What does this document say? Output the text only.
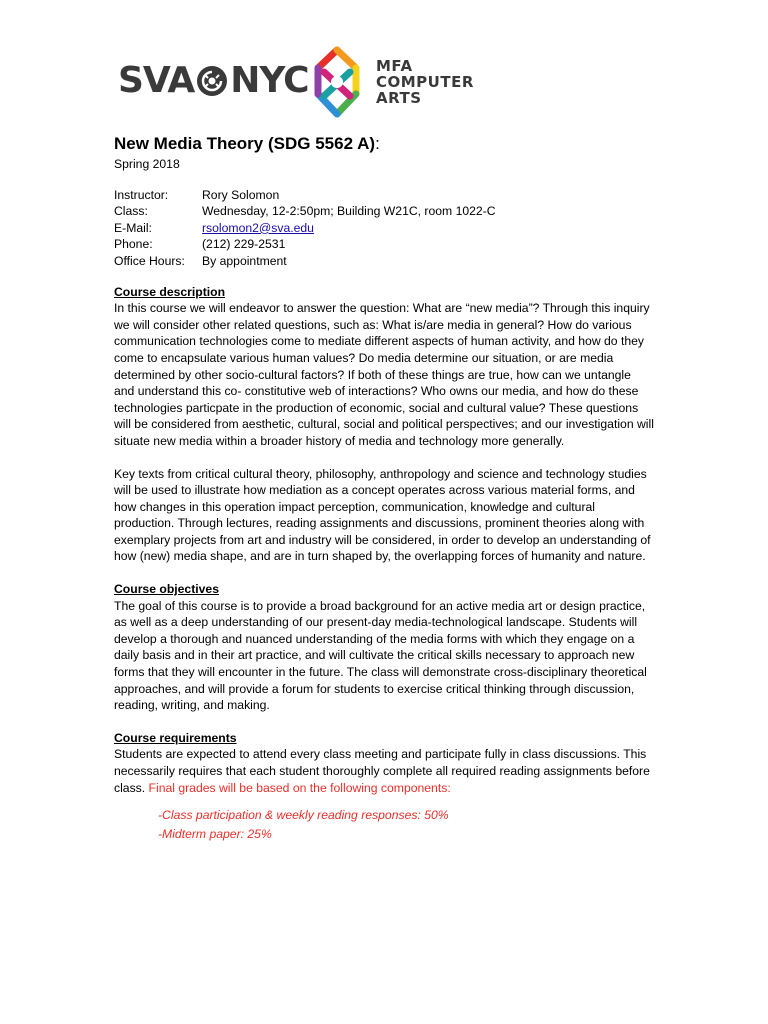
SVA NYC	MFA
COMPUTER
ARTS
New Media Theory (SDG 5562 A):
Spring 2018
Instructor:	Rory Solomon
Class:	Wednesday, 12-2:50pm; Building W21C, room 1022-C
E-Mail:	rsolomon2@sva.edu
Phone:	(212) 229-2531
Office Hours:	By appointment
Course description

In this course we will endeavor to answer the question: What are “new media”? Through this inquiry we will consider other related questions, such as: What is/are media in general? How do various communication technologies come to mediate different aspects of human activity, and how do they come to encapsulate various human values? Do media determine our situation, or are media determined by other socio-cultural factors? If both of these things are true, how can we untangle and understand this co- constitutive web of interactions? Who owns our media, and how do these technologies particpate in the production of economic, social and cultural value? These questions will be considered from aesthetic, cultural, social and political perspectives; and our investigation will situate new media within a broader history of media and technology more generally.

Key texts from critical cultural theory, philosophy, anthropology and science and technology studies will be used to illustrate how mediation as a concept operates across various material forms, and how changes in this operation impact perception, communication, knowledge and cultural production. Through lectures, reading assignments and discussions, prominent theories along with exemplary projects from art and industry will be considered, in order to develop an understanding of how (new) media shape, and are in turn shaped by, the overlapping forces of humanity and nature.

Course objectives

The goal of this course is to provide a broad background for an active media art or design practice, as well as a deep understanding of our present-day media-technological landscape. Students will develop a thorough and nuanced understanding of the media forms with which they engage on a daily basis and in their art practice, and will cultivate the critical skills necessary to approach new forms that they will encounter in the future. The class will demonstrate cross-disciplinary theoretical approaches, and will provide a forum for students to exercise critical thinking through discussion, reading, writing, and making.

Course requirements

Students are expected to attend every class meeting and participate fully in class discussions. This necessarily requires that each student thoroughly complete all required reading assignments before class. Final grades will be based on the following components:

-Class participation & weekly reading responses: 50%
-Midterm paper: 25%
